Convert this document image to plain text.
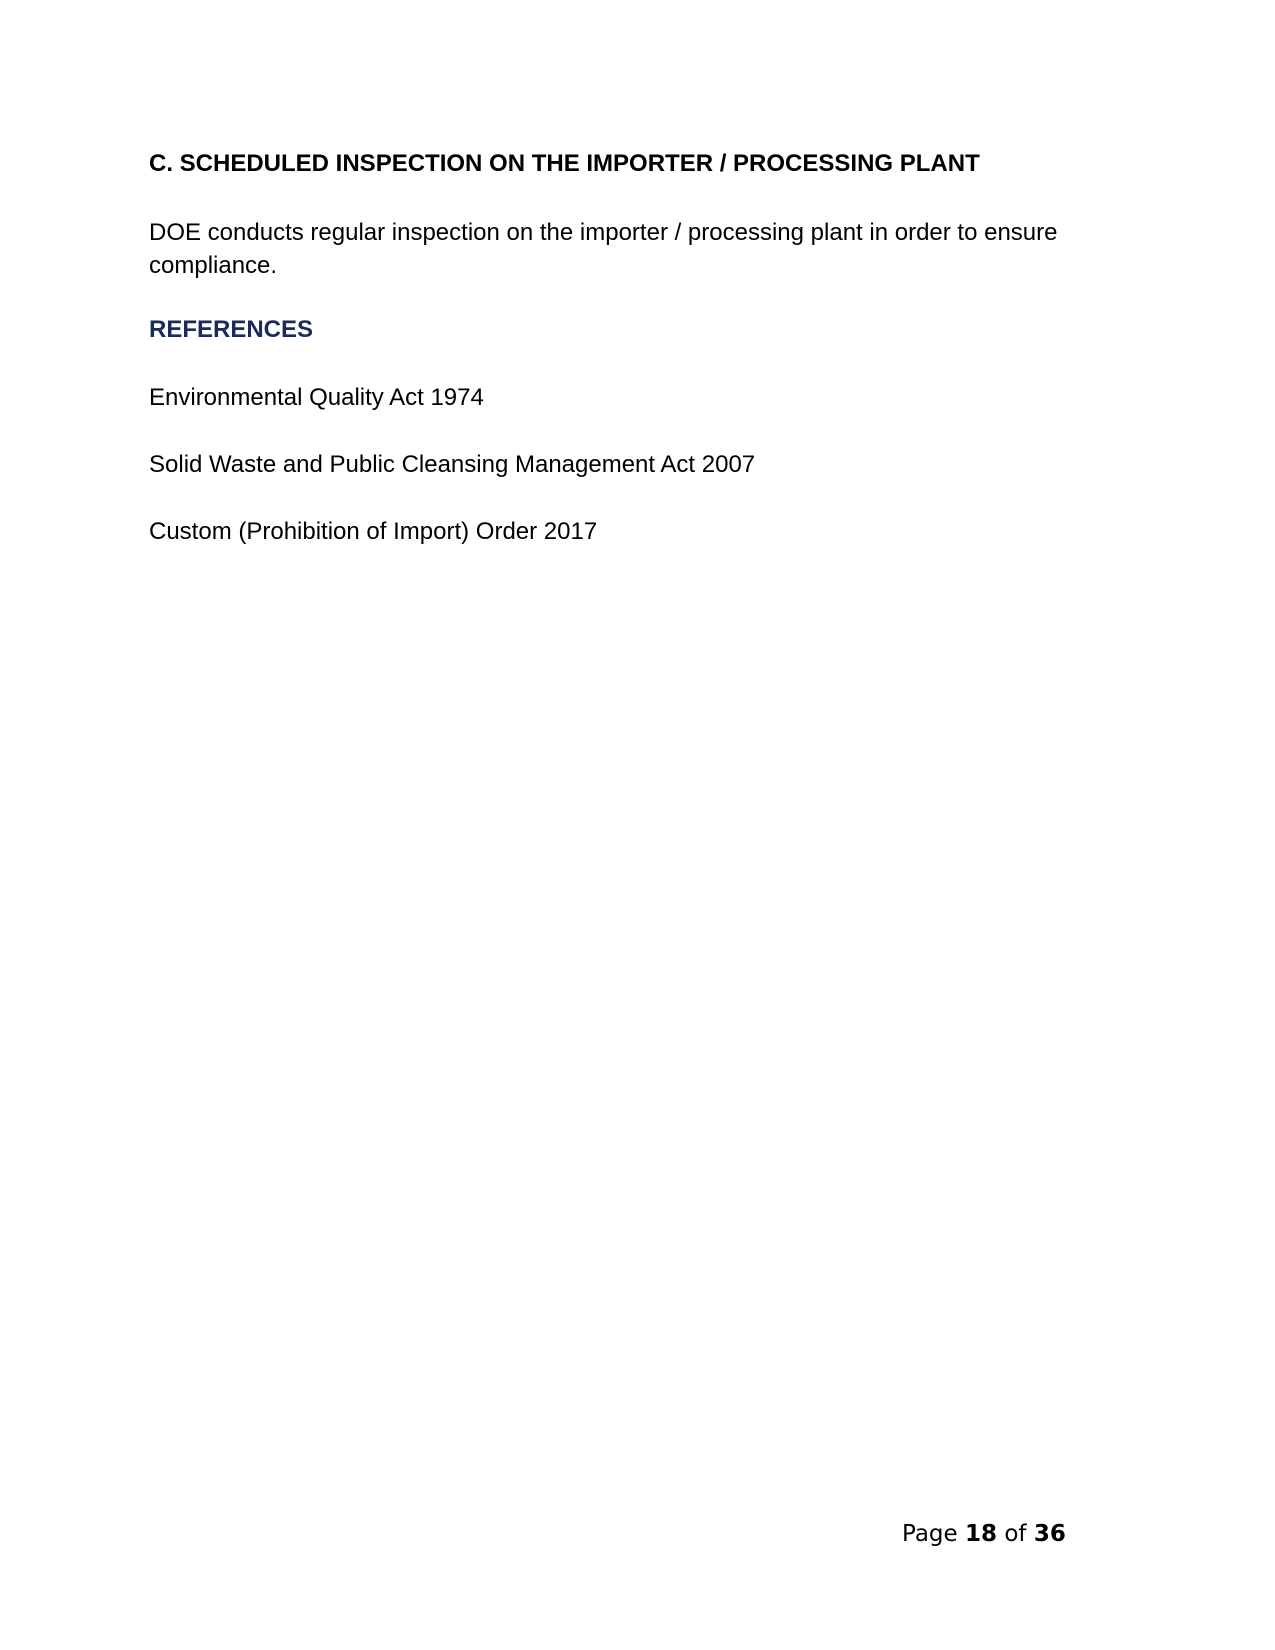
C. SCHEDULED INSPECTION ON THE IMPORTER / PROCESSING PLANT

DOE conducts regular inspection on the importer / processing plant in order to ensure compliance.

REFERENCES
Environmental Quality Act 1974
Solid Waste and Public Cleansing Management Act 2007
Custom (Prohibition of Import) Order 2017
Page 18 of 36
